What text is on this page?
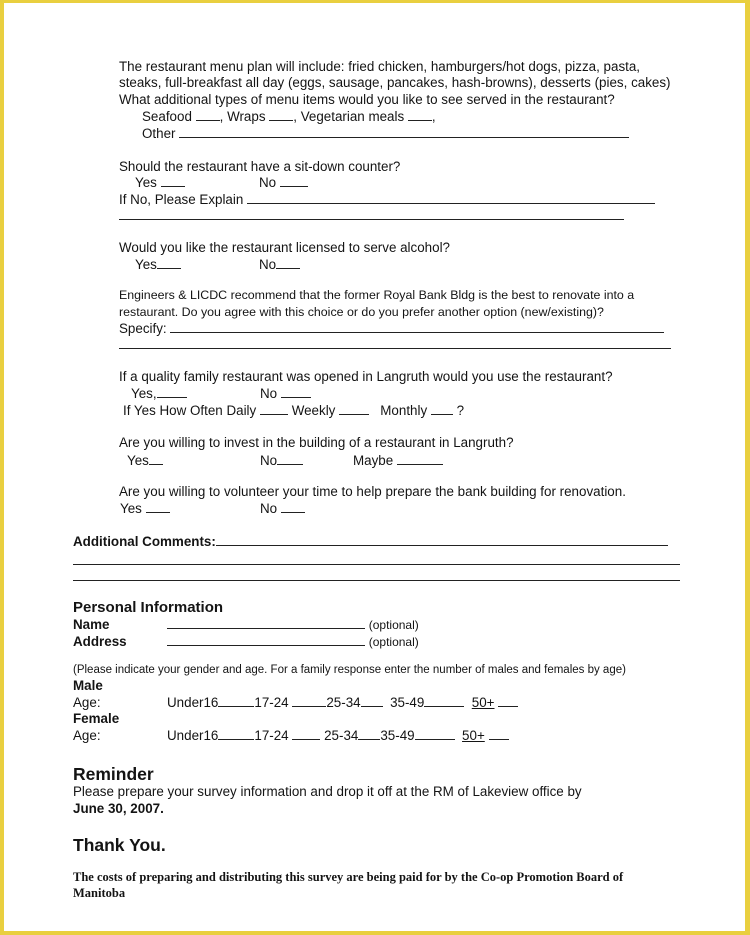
The restaurant menu plan will include: fried chicken, hamburgers/hot dogs, pizza, pasta,
steaks, full-breakfast all day (eggs, sausage, pancakes, hash-browns), desserts (pies, cakes)
What additional types of menu items would you like to see served in the restaurant?
Seafood , Wraps , Vegetarian meals ,
Other
Should the restaurant have a sit-down counter?
Yes	No
If No, Please Explain
Would you like the restaurant licensed to serve alcohol?
Yes	No
Engineers & LICDC recommend that the former Royal Bank Bldg is the best to renovate into a
restaurant. Do you agree with this choice or do you prefer another option (new/existing)?
Specify:
If a quality family restaurant was opened in Langruth would you use the restaurant?
Yes,	No
If Yes How Often Daily	Weekly	Monthly ?
Are you willing to invest in the building of a restaurant in Langruth?
Yes	No	Maybe
Are you willing to volunteer your time to help prepare the bank building for renovation.
Yes	No
Additional Comments:
Personal Information
Name	(optional)
Address	(optional)
(Please indicate your gender and age. For a family response enter the number of males and females by age)
Male
Age:	Under16	17-24	25-34 35-49	50+
Female
Age:	Under16	17-24	25-34 35-49	50+
Reminder
Please prepare your survey information and drop it off at the RM of Lakeview office by
June 30, 2007.
Thank You.
The costs of preparing and distributing this survey are being paid for by the Co-op Promotion Board of
Manitoba
